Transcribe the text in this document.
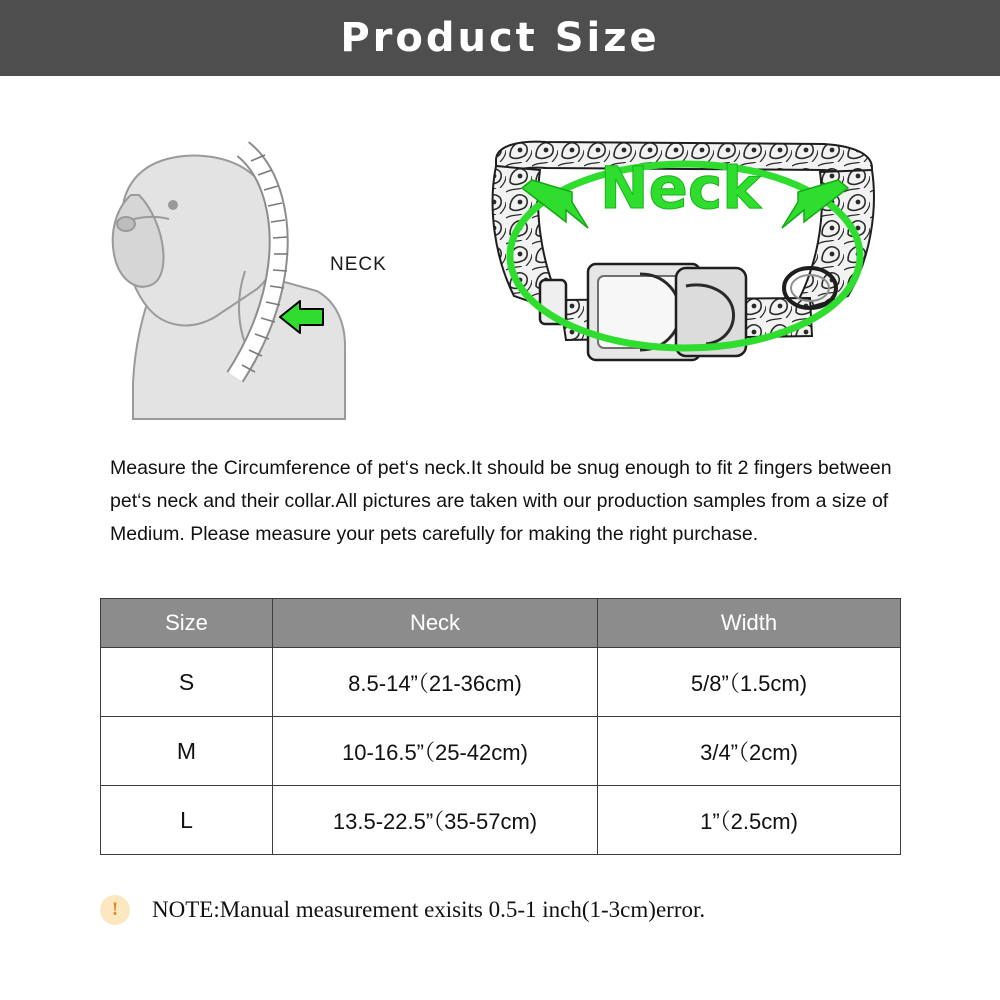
Product Size
NECK
Neck

Measure the Circumference of pet‘s neck.It should be snug enough to fit 2 fingers between pet‘s neck and their collar.All pictures are taken with our production samples from a size of Medium. Please measure your pets carefully for making the right purchase.

Size	Neck	Width
S	8.5-14”（21-36cm)	5/8”（1.5cm)
M	10-16.5”（25-42cm)	3/4”（2cm)
L	13.5-22.5”（35-57cm)	1”（2.5cm)
!	NOTE:Manual measurement exisits 0.5-1 inch(1-3cm)error.
